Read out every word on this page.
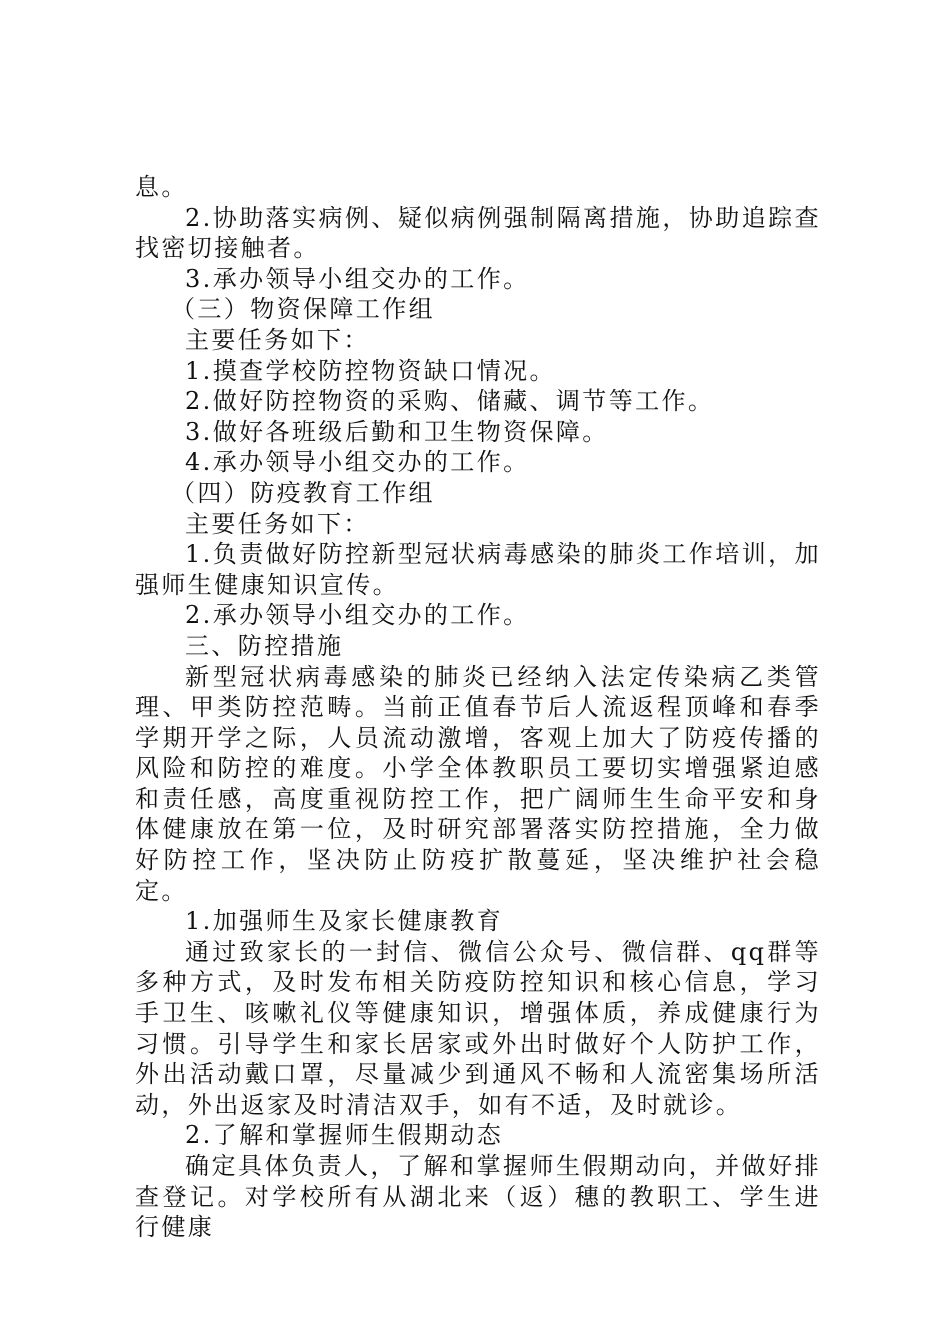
息。

2.协助落实病例、疑似病例强制隔离措施，协助追踪查找密切接触者。

3.承办领导小组交办的工作。

（三）物资保障工作组

主要任务如下：

1.摸查学校防控物资缺口情况。

2.做好防控物资的采购、储藏、调节等工作。

3.做好各班级后勤和卫生物资保障。

4.承办领导小组交办的工作。

（四）防疫教育工作组

主要任务如下：

1.负责做好防控新型冠状病毒感染的肺炎工作培训，加强师生健康知识宣传。

2.承办领导小组交办的工作。

三、防控措施

新型冠状病毒感染的肺炎已经纳入法定传染病乙类管理、甲类防控范畴。当前正值春节后人流返程顶峰和春季学期开学之际，人员流动激增，客观上加大了防疫传播的风险和防控的难度。小学全体教职员工要切实增强紧迫感和责任感，高度重视防控工作，把广阔师生生命平安和身体健康放在第一位，及时研究部署落实防控措施，全力做好防控工作，坚决防止防疫扩散蔓延，坚决维护社会稳定。

1.加强师生及家长健康教育

通过致家长的一封信、微信公众号、微信群、qq群等多种方式，及时发布相关防疫防控知识和核心信息，学习手卫生、咳嗽礼仪等健康知识，增强体质，养成健康行为习惯。引导学生和家长居家或外出时做好个人防护工作，外出活动戴口罩，尽量减少到通风不畅和人流密集场所活动，外出返家及时清洁双手，如有不适，及时就诊。

2.了解和掌握师生假期动态

确定具体负责人，了解和掌握师生假期动向，并做好排查登记。对学校所有从湖北来（返）穗的教职工、学生进行健康
